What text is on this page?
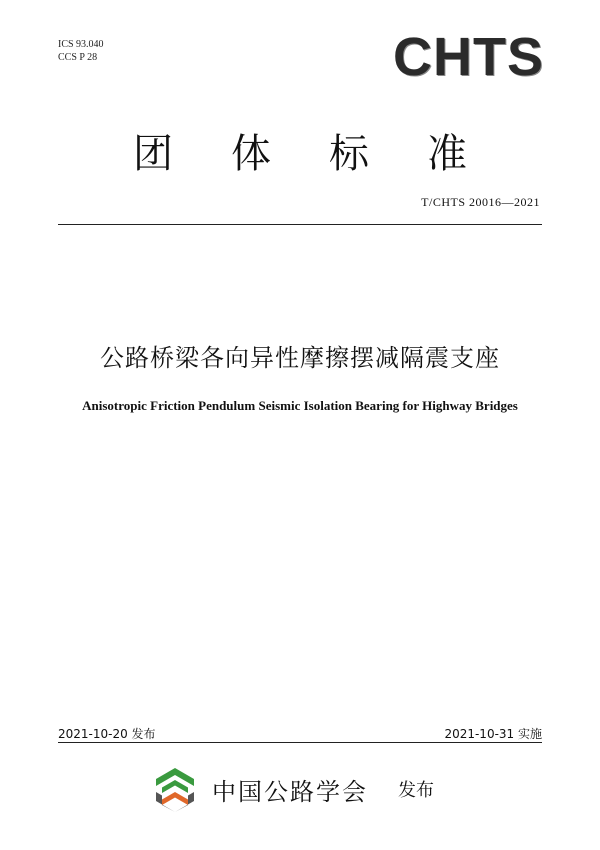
ICS 93.040
CCS P 28	CHTS
团 体 标 准
T/CHTS 20016—2021
公路桥梁各向异性摩擦摆减隔震支座
Anisotropic Friction Pendulum Seismic Isolation Bearing for Highway Bridges
2021-10-20 发布	2021-10-31 实施
中国公路学会 发布
